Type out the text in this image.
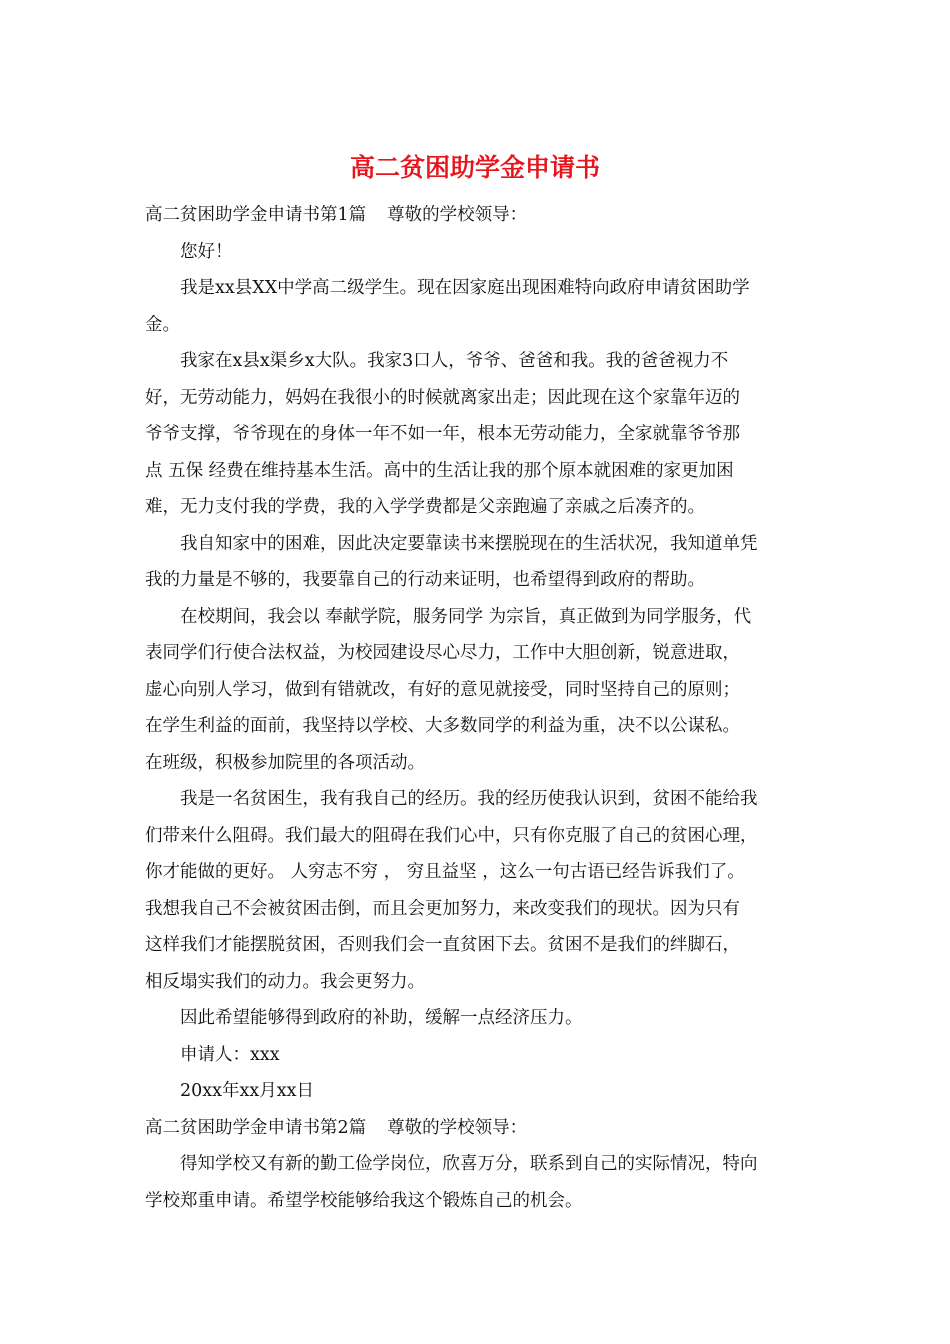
高二贫困助学金申请书

高二贫困助学金申请书第1篇 尊敬的学校领导：

您好！

我是xx县XX中学高二级学生。现在因家庭出现困难特向政府申请贫困助学
金。

我家在x县x渠乡x大队。我家3口人，爷爷、爸爸和我。我的爸爸视力不
好，无劳动能力，妈妈在我很小的时候就离家出走；因此现在这个家靠年迈的
爷爷支撑，爷爷现在的身体一年不如一年，根本无劳动能力，全家就靠爷爷那
点 五保 经费在维持基本生活。高中的生活让我的那个原本就困难的家更加困
难，无力支付我的学费，我的入学学费都是父亲跑遍了亲戚之后凑齐的。

我自知家中的困难，因此决定要靠读书来摆脱现在的生活状况，我知道单凭
我的力量是不够的，我要靠自己的行动来证明，也希望得到政府的帮助。

在校期间，我会以 奉献学院，服务同学 为宗旨，真正做到为同学服务，代
表同学们行使合法权益，为校园建设尽心尽力，工作中大胆创新，锐意进取，
虚心向别人学习，做到有错就改，有好的意见就接受，同时坚持自己的原则；
在学生利益的面前，我坚持以学校、大多数同学的利益为重，决不以公谋私。
在班级，积极参加院里的各项活动。

我是一名贫困生，我有我自己的经历。我的经历使我认识到，贫困不能给我
们带来什么阻碍。我们最大的阻碍在我们心中，只有你克服了自己的贫困心理，
你才能做的更好。 人穷志不穷 ， 穷且益坚 ，这么一句古语已经告诉我们了。
我想我自己不会被贫困击倒，而且会更加努力，来改变我们的现状。因为只有
这样我们才能摆脱贫困，否则我们会一直贫困下去。贫困不是我们的绊脚石，
相反塌实我们的动力。我会更努力。

因此希望能够得到政府的补助，缓解一点经济压力。

申请人：xxx

20xx年xx月xx日

高二贫困助学金申请书第2篇 尊敬的学校领导：

得知学校又有新的勤工俭学岗位，欣喜万分，联系到自己的实际情况，特向
学校郑重申请。希望学校能够给我这个锻炼自己的机会。
